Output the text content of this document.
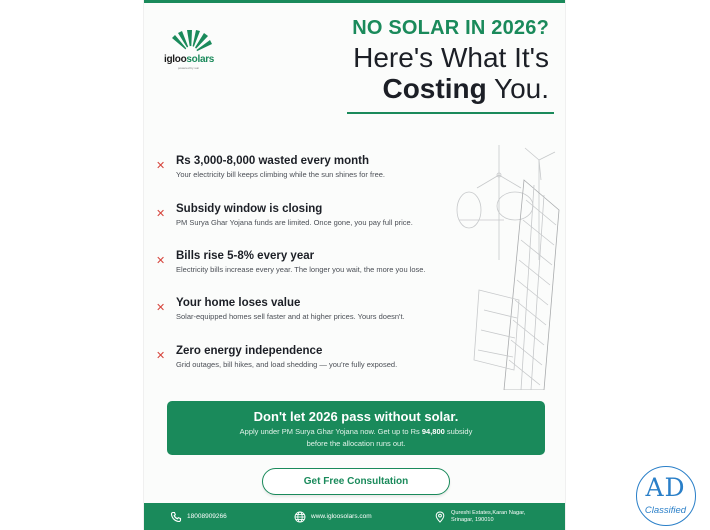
igloosolars
powered by sun
NO SOLAR IN 2026?
Here's What It's
Costing You.
✕ Rs 3,000-8,000 wasted every month
Your electricity bill keeps climbing while the sun shines for free.
✕ Subsidy window is closing
PM Surya Ghar Yojana funds are limited. Once gone, you pay full price.
✕ Bills rise 5-8% every year
Electricity bills increase every year. The longer you wait, the more you lose.
✕ Your home loses value
Solar-equipped homes sell faster and at higher prices. Yours doesn't.
✕ Zero energy independence
Grid outages, bill hikes, and load shedding — you're fully exposed.
Don't let 2026 pass without solar.
Apply under PM Surya Ghar Yojana now. Get up to Rs 94,800 subsidy
before the allocation runs out.
Get Free Consultation
18008909266	www.igloosolars.com
Qureshi Estates,Karan Nagar,
Srinagar, 190010
AD
Classified
